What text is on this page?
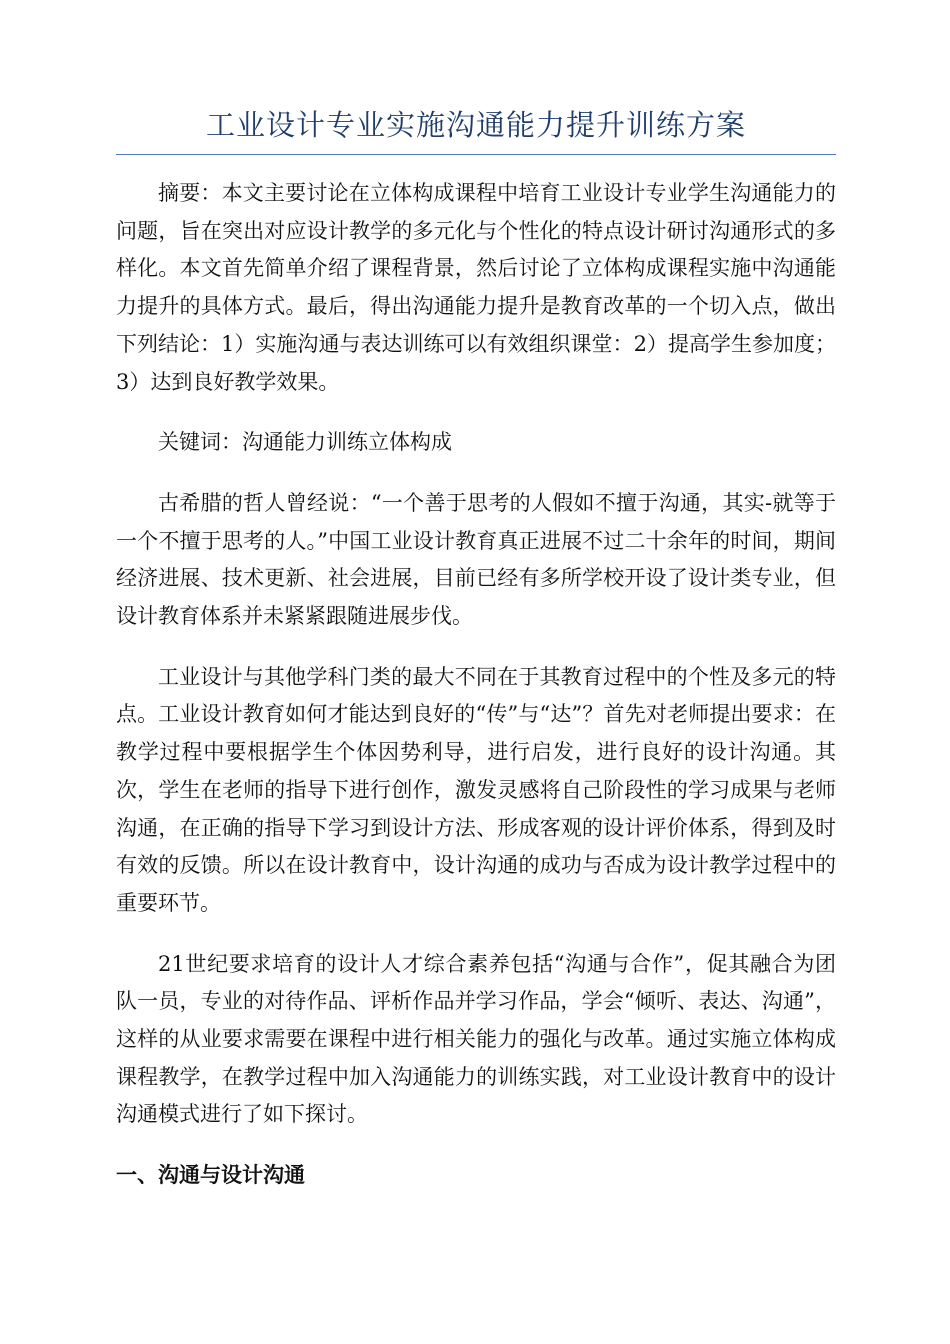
工业设计专业实施沟通能力提升训练方案

摘要：本文主要讨论在立体构成课程中培育工业设计专业学生沟通能力的问题，旨在突出对应设计教学的多元化与个性化的特点设计研讨沟通形式的多样化。本文首先简单介绍了课程背景，然后讨论了立体构成课程实施中沟通能力提升的具体方式。最后，得出沟通能力提升是教育改革的一个切入点，做出下列结论：1）实施沟通与表达训练可以有效组织课堂：2）提高学生参加度；3）达到良好教学效果。

关键词：沟通能力训练立体构成

古希腊的哲人曾经说：“一个善于思考的人假如不擅于沟通，其实-就等于一个不擅于思考的人。”中国工业设计教育真正进展不过二十余年的时间，期间经济进展、技术更新、社会进展，目前已经有多所学校开设了设计类专业，但设计教育体系并未紧紧跟随进展步伐。

工业设计与其他学科门类的最大不同在于其教育过程中的个性及多元的特点。工业设计教育如何才能达到良好的“传”与“达”？首先对老师提出要求：在教学过程中要根据学生个体因势利导，进行启发，进行良好的设计沟通。其次，学生在老师的指导下进行创作，激发灵感将自己阶段性的学习成果与老师沟通，在正确的指导下学习到设计方法、形成客观的设计评价体系，得到及时有效的反馈。所以在设计教育中，设计沟通的成功与否成为设计教学过程中的重要环节。

21世纪要求培育的设计人才综合素养包括“沟通与合作”，促其融合为团队一员，专业的对待作品、评析作品并学习作品，学会“倾听、表达、沟通”，这样的从业要求需要在课程中进行相关能力的强化与改革。通过实施立体构成课程教学，在教学过程中加入沟通能力的训练实践，对工业设计教育中的设计沟通模式进行了如下探讨。

一、沟通与设计沟通
